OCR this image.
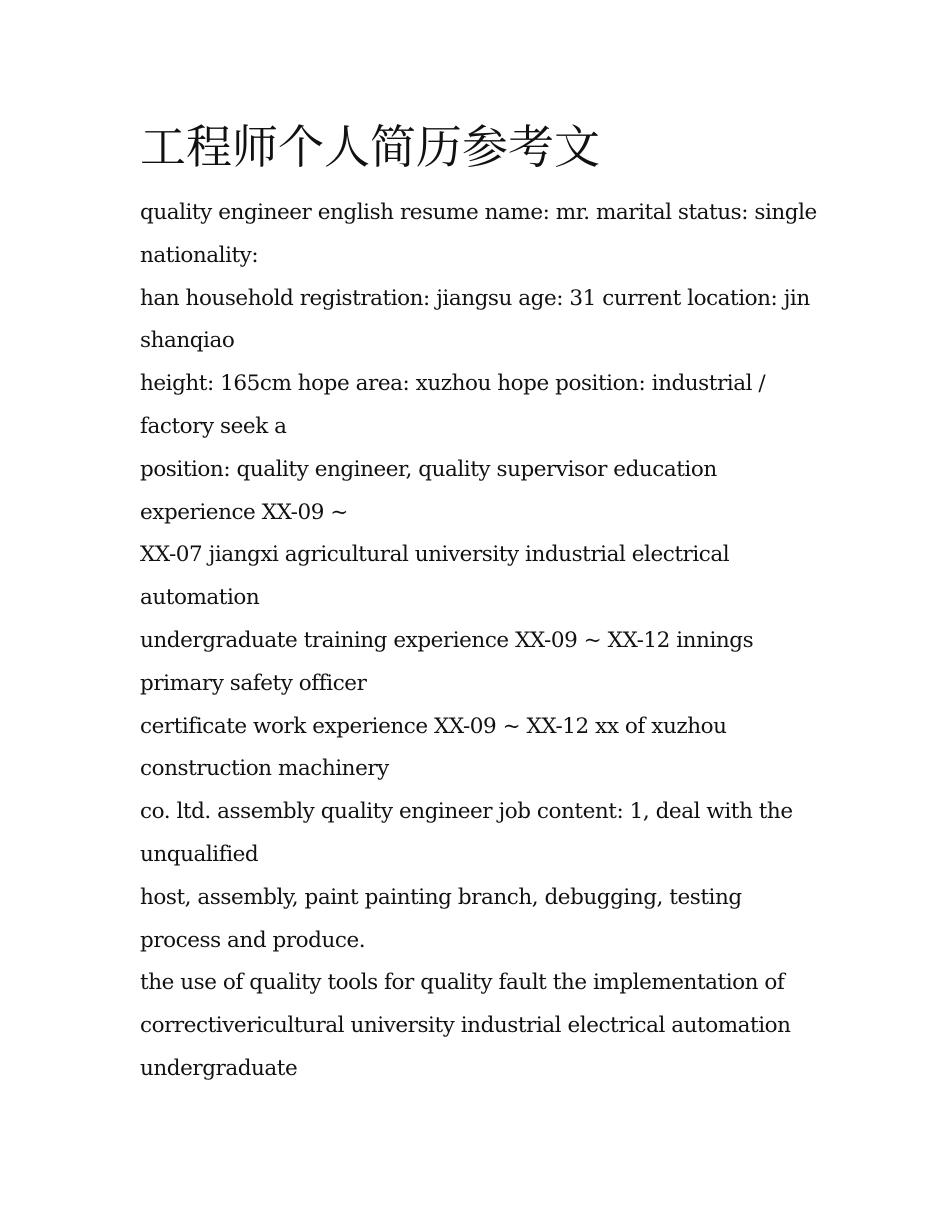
工程师个人简历参考文

quality engineer english resume name: mr. marital status: single nationality:

han household registration: jiangsu age: 31 current location: jin shanqiao

height: 165cm hope area: xuzhou hope position: industrial / factory seek a

position: quality engineer, quality supervisor education experience XX-09 ~

XX-07 jiangxi agricultural university industrial electrical automation

undergraduate training experience XX-09 ~ XX-12 innings primary safety officer

certificate work experience XX-09 ~ XX-12 xx of xuzhou construction machinery

co. ltd. assembly quality engineer job content: 1, deal with the unqualified

host, assembly, paint painting branch, debugging, testing process and produce.

the use of quality tools for quality fault the implementation of correctivericultural university industrial electrical automation undergraduate
